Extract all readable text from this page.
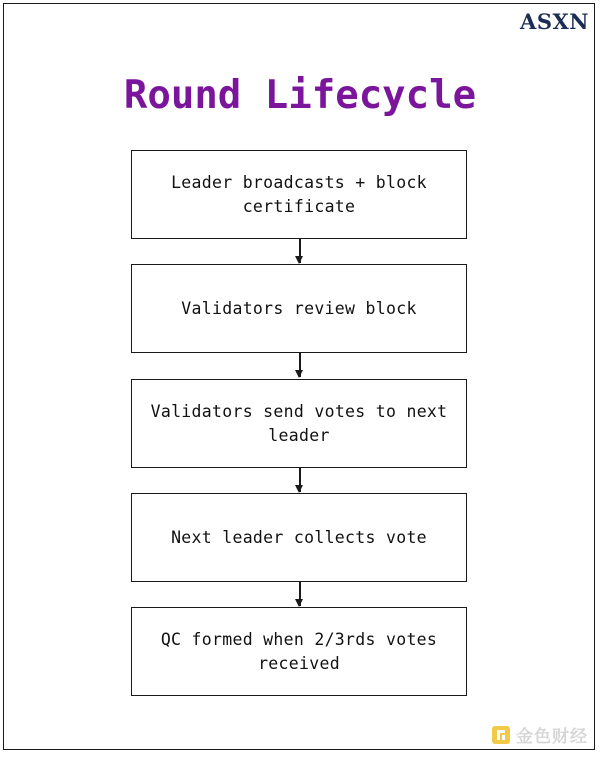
ASXN
Round Lifecycle
Leader broadcasts + block certificate
Validators review block
Validators send votes to next leader
Next leader collects vote
QC formed when 2/3rds votes received
金色财经
